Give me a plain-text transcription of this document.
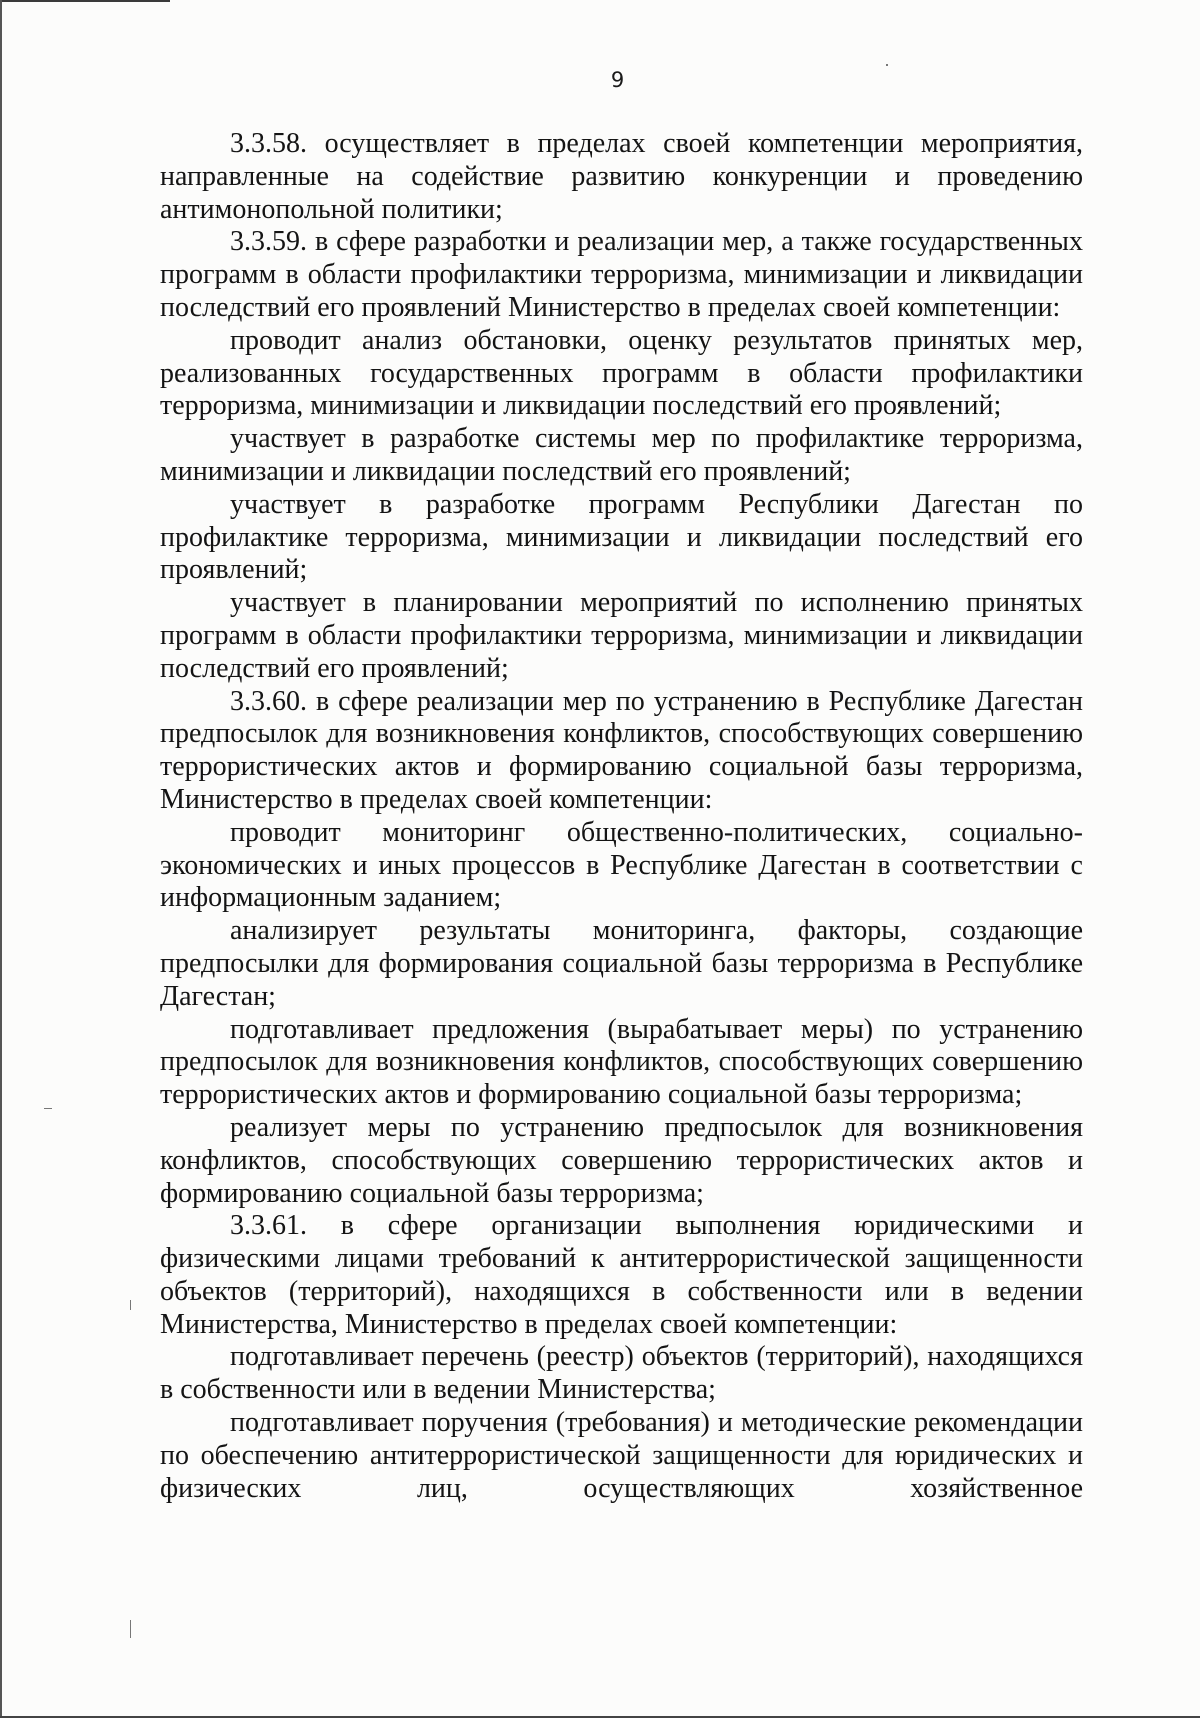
9

3.3.58. осуществляет в пределах своей компетенции мероприятия, направленные на содействие развитию конкуренции и проведению антимонопольной политики;

3.3.59. в сфере разработки и реализации мер, а также государственных программ в области профилактики терроризма, минимизации и ликвидации последствий его проявлений Министерство в пределах своей компетенции:

проводит анализ обстановки, оценку результатов принятых мер, реализованных государственных программ в области профилактики терроризма, минимизации и ликвидации последствий его проявлений;

участвует в разработке системы мер по профилактике терроризма, минимизации и ликвидации последствий его проявлений;

участвует в разработке программ Республики Дагестан по профилактике терроризма, минимизации и ликвидации последствий его проявлений;

участвует в планировании мероприятий по исполнению принятых программ в области профилактики терроризма, минимизации и ликвидации последствий его проявлений;

3.3.60. в сфере реализации мер по устранению в Республике Дагестан предпосылок для возникновения конфликтов, способствующих совершению террористических актов и формированию социальной базы терроризма, Министерство в пределах своей компетенции:

проводит мониторинг общественно-политических, социально-экономических и иных процессов в Республике Дагестан в соответствии с информационным заданием;

анализирует результаты мониторинга, факторы, создающие предпосылки для формирования социальной базы терроризма в Республике Дагестан;

подготавливает предложения (вырабатывает меры) по устранению предпосылок для возникновения конфликтов, способствующих совершению террористических актов и формированию социальной базы терроризма;

реализует меры по устранению предпосылок для возникновения конфликтов, способствующих совершению террористических актов и формированию социальной базы терроризма;

3.3.61. в сфере организации выполнения юридическими и физическими лицами требований к антитеррористической защищенности объектов (территорий), находящихся в собственности или в ведении Министерства, Министерство в пределах своей компетенции:

подготавливает перечень (реестр) объектов (территорий), находящихся в собственности или в ведении Министерства;

подготавливает поручения (требования) и методические рекомендации по обеспечению антитеррористической защищенности для юридических и физических лиц, осуществляющих хозяйственное
